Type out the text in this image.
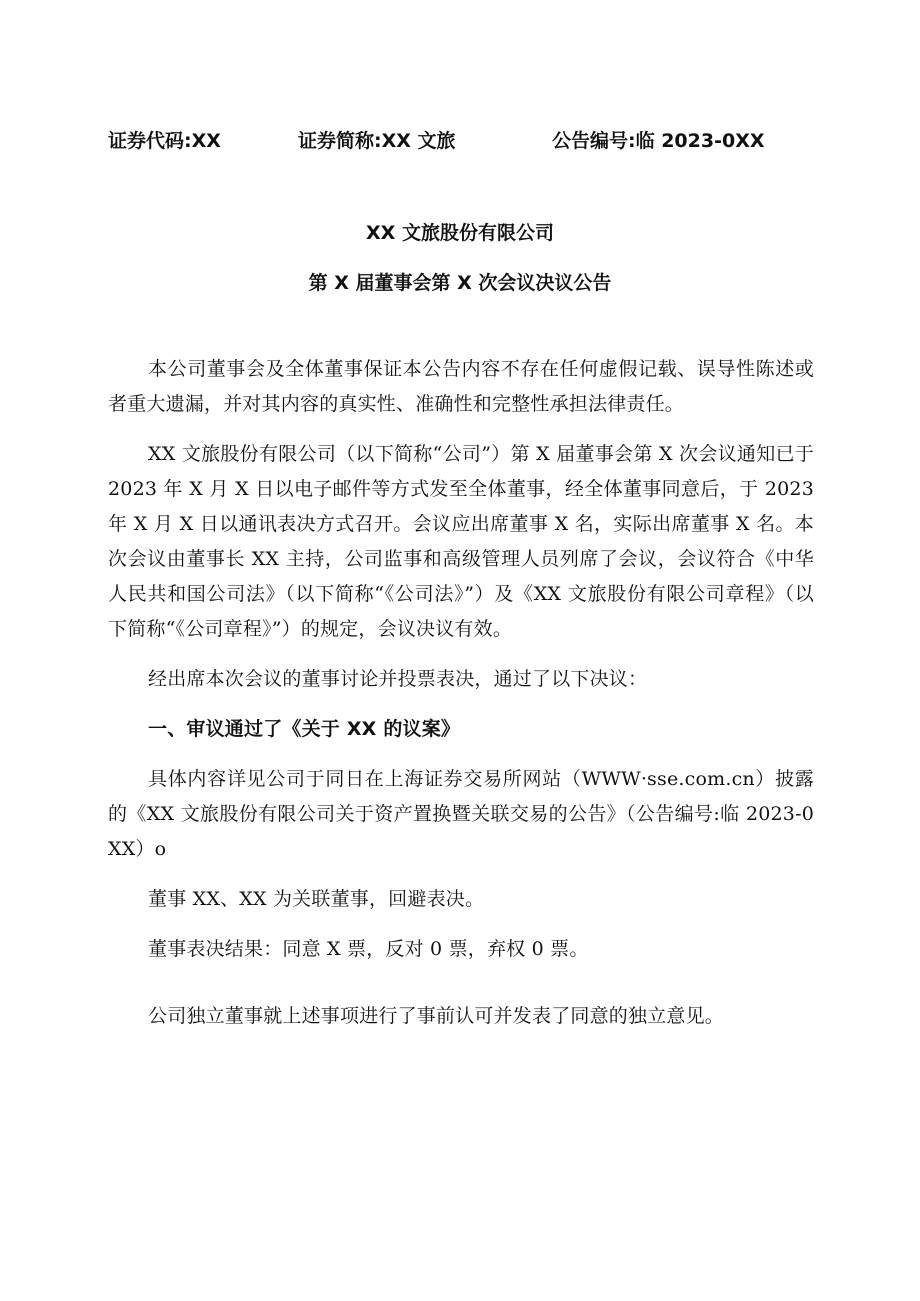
证券代码:XX	证券简称:XX 文旅	公告编号:临 2023-0XX
XX 文旅股份有限公司
第 X 届董事会第 X 次会议决议公告

本公司董事会及全体董事保证本公告内容不存在任何虚假记载、误导性陈述或者重大遗漏，并对其内容的真实性、准确性和完整性承担法律责任。

XX 文旅股份有限公司（以下简称“公司”）第 X 届董事会第 X 次会议通知已于 2023 年 X 月 X 日以电子邮件等方式发至全体董事，经全体董事同意后，于 2023 年 X 月 X 日以通讯表决方式召开。会议应出席董事 X 名，实际出席董事 X 名。本次会议由董事长 XX 主持，公司监事和高级管理人员列席了会议，会议符合《中华人民共和国公司法》（以下简称“《公司法》”）及《XX 文旅股份有限公司章程》（以下简称“《公司章程》”）的规定，会议决议有效。

经出席本次会议的董事讨论并投票表决，通过了以下决议：

一、审议通过了《关于 XX 的议案》

具体内容详见公司于同日在上海证券交易所网站（WWW·sse.com.cn）披露的《XX 文旅股份有限公司关于资产置换暨关联交易的公告》（公告编号:临 2023-0XX）o

董事 XX、XX 为关联董事，回避表决。

董事表决结果：同意 X 票，反对 0 票，弃权 0 票。

公司独立董事就上述事项进行了事前认可并发表了同意的独立意见。
